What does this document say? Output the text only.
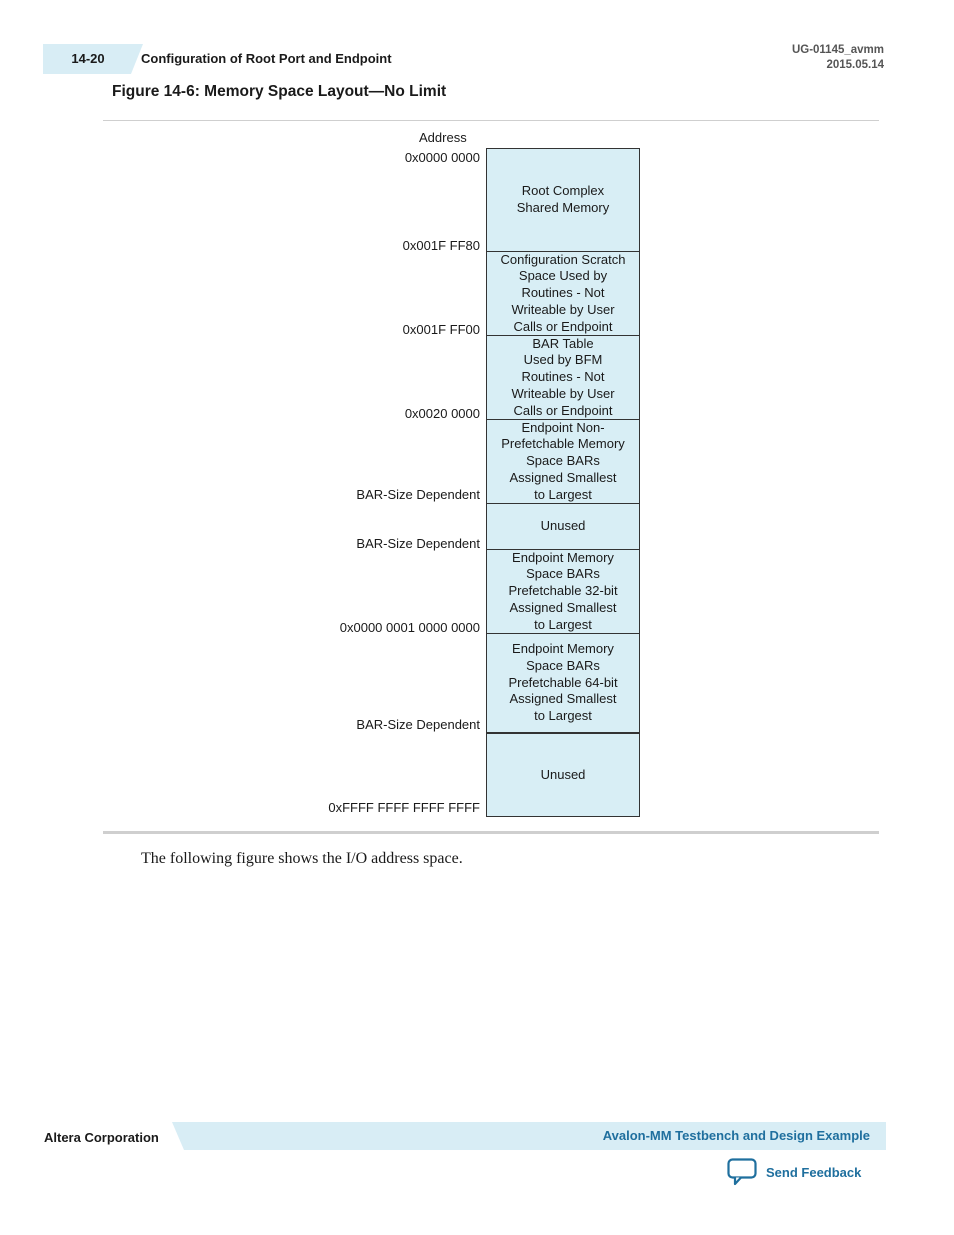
14-20	Configuration of Root Port and Endpoint
UG-01145_avmm
2015.05.14
Figure 14-6: Memory Space Layout—No Limit
Address
0x0000 0000
0x001F FF80
0x001F FF00
0x0020 0000
BAR-Size Dependent
BAR-Size Dependent
0x0000 0001 0000 0000
BAR-Size Dependent
0xFFFF FFFF FFFF FFFF
Root Complex
Shared Memory
Configuration Scratch
Space Used by
Routines - Not
Writeable by User
Calls or Endpoint
BAR Table
Used by BFM
Routines - Not
Writeable by User
Calls or Endpoint
Endpoint Non-
Prefetchable Memory
Space BARs
Assigned Smallest
to Largest
Unused
Endpoint Memory
Space BARs
Prefetchable 32-bit
Assigned Smallest
to Largest
Endpoint Memory
Space BARs
Prefetchable 64-bit
Assigned Smallest
to Largest
Unused
The following figure shows the I/O address space.
Altera Corporation	Avalon-MM Testbench and Design Example
Send Feedback
